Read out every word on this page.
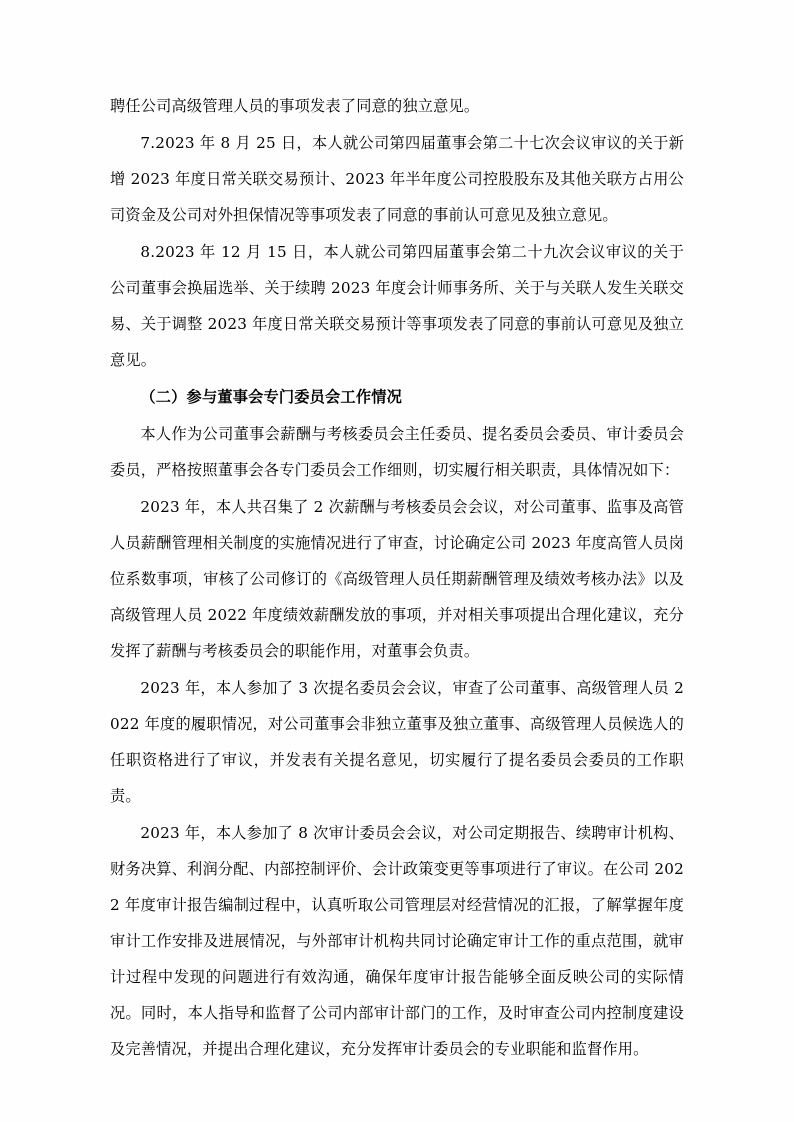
聘任公司高级管理人员的事项发表了同意的独立意见。

7.2023 年 8 月 25 日，本人就公司第四届董事会第二十七次会议审议的关于新增 2023 年度日常关联交易预计、2023 年半年度公司控股股东及其他关联方占用公司资金及公司对外担保情况等事项发表了同意的事前认可意见及独立意见。

8.2023 年 12 月 15 日，本人就公司第四届董事会第二十九次会议审议的关于公司董事会换届选举、关于续聘 2023 年度会计师事务所、关于与关联人发生关联交易、关于调整 2023 年度日常关联交易预计等事项发表了同意的事前认可意见及独立意见。

（二）参与董事会专门委员会工作情况

本人作为公司董事会薪酬与考核委员会主任委员、提名委员会委员、审计委员会委员，严格按照董事会各专门委员会工作细则，切实履行相关职责，具体情况如下：

2023 年，本人共召集了 2 次薪酬与考核委员会会议，对公司董事、监事及高管人员薪酬管理相关制度的实施情况进行了审查，讨论确定公司 2023 年度高管人员岗位系数事项，审核了公司修订的《高级管理人员任期薪酬管理及绩效考核办法》以及高级管理人员 2022 年度绩效薪酬发放的事项，并对相关事项提出合理化建议，充分发挥了薪酬与考核委员会的职能作用，对董事会负责。

2023 年，本人参加了 3 次提名委员会会议，审查了公司董事、高级管理人员 2022 年度的履职情况，对公司董事会非独立董事及独立董事、高级管理人员候选人的任职资格进行了审议，并发表有关提名意见，切实履行了提名委员会委员的工作职责。

2023 年，本人参加了 8 次审计委员会会议，对公司定期报告、续聘审计机构、财务决算、利润分配、内部控制评价、会计政策变更等事项进行了审议。在公司 2022 年度审计报告编制过程中，认真听取公司管理层对经营情况的汇报，了解掌握年度审计工作安排及进展情况，与外部审计机构共同讨论确定审计工作的重点范围，就审计过程中发现的问题进行有效沟通，确保年度审计报告能够全面反映公司的实际情况。同时，本人指导和监督了公司内部审计部门的工作，及时审查公司内控制度建设及完善情况，并提出合理化建议，充分发挥审计委员会的专业职能和监督作用。
